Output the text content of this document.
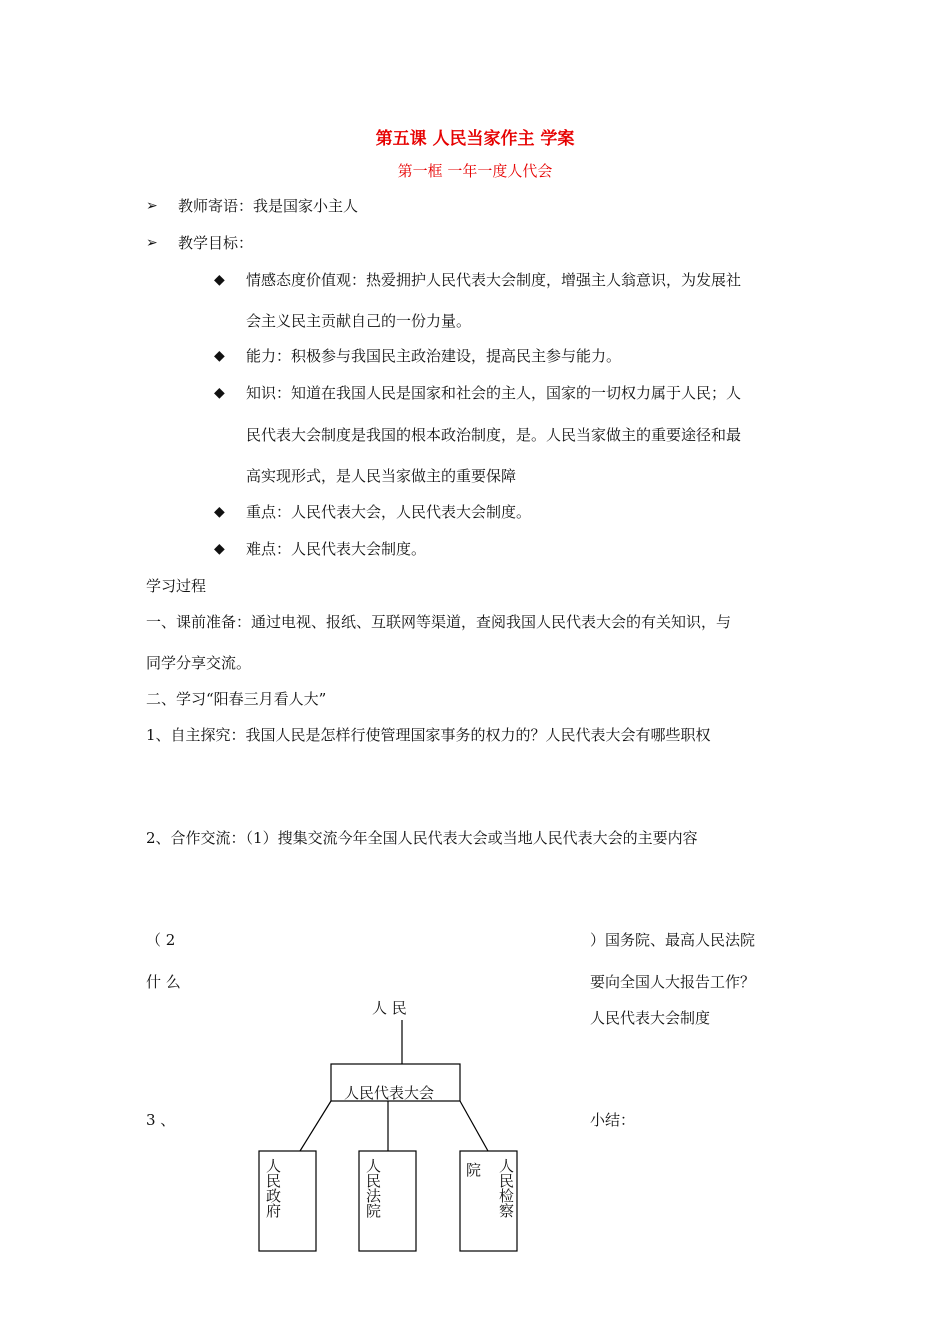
第五课 人民当家作主 学案
第一框 一年一度人代会
➢ 教师寄语：我是国家小主人
➢ 教学目标：
◆ 情感态度价值观：热爱拥护人民代表大会制度，增强主人翁意识，为发展社
会主义民主贡献自己的一份力量。
◆ 能力：积极参与我国民主政治建设，提高民主参与能力。
◆ 知识：知道在我国人民是国家和社会的主人，国家的一切权力属于人民；人
民代表大会制度是我国的根本政治制度，是。人民当家做主的重要途径和最
高实现形式，是人民当家做主的重要保障
◆ 重点：人民代表大会，人民代表大会制度。
◆ 难点：人民代表大会制度。
学习过程
一、课前准备：通过电视、报纸、互联网等渠道，查阅我国人民代表大会的有关知识，与
同学分享交流。
二、学习“阳春三月看人大”
1、自主探究：我国人民是怎样行使管理国家事务的权力的？人民代表大会有哪些职权
2、合作交流：（1）搜集交流今年全国人民代表大会或当地人民代表大会的主要内容
（ 2	）国务院、最高人民法院
什 么	要向全国人大报告工作？
人民代表大会制度
3 、	小结：
人 民
人民代表大会
人民政府	人民法院	人民检察
院
